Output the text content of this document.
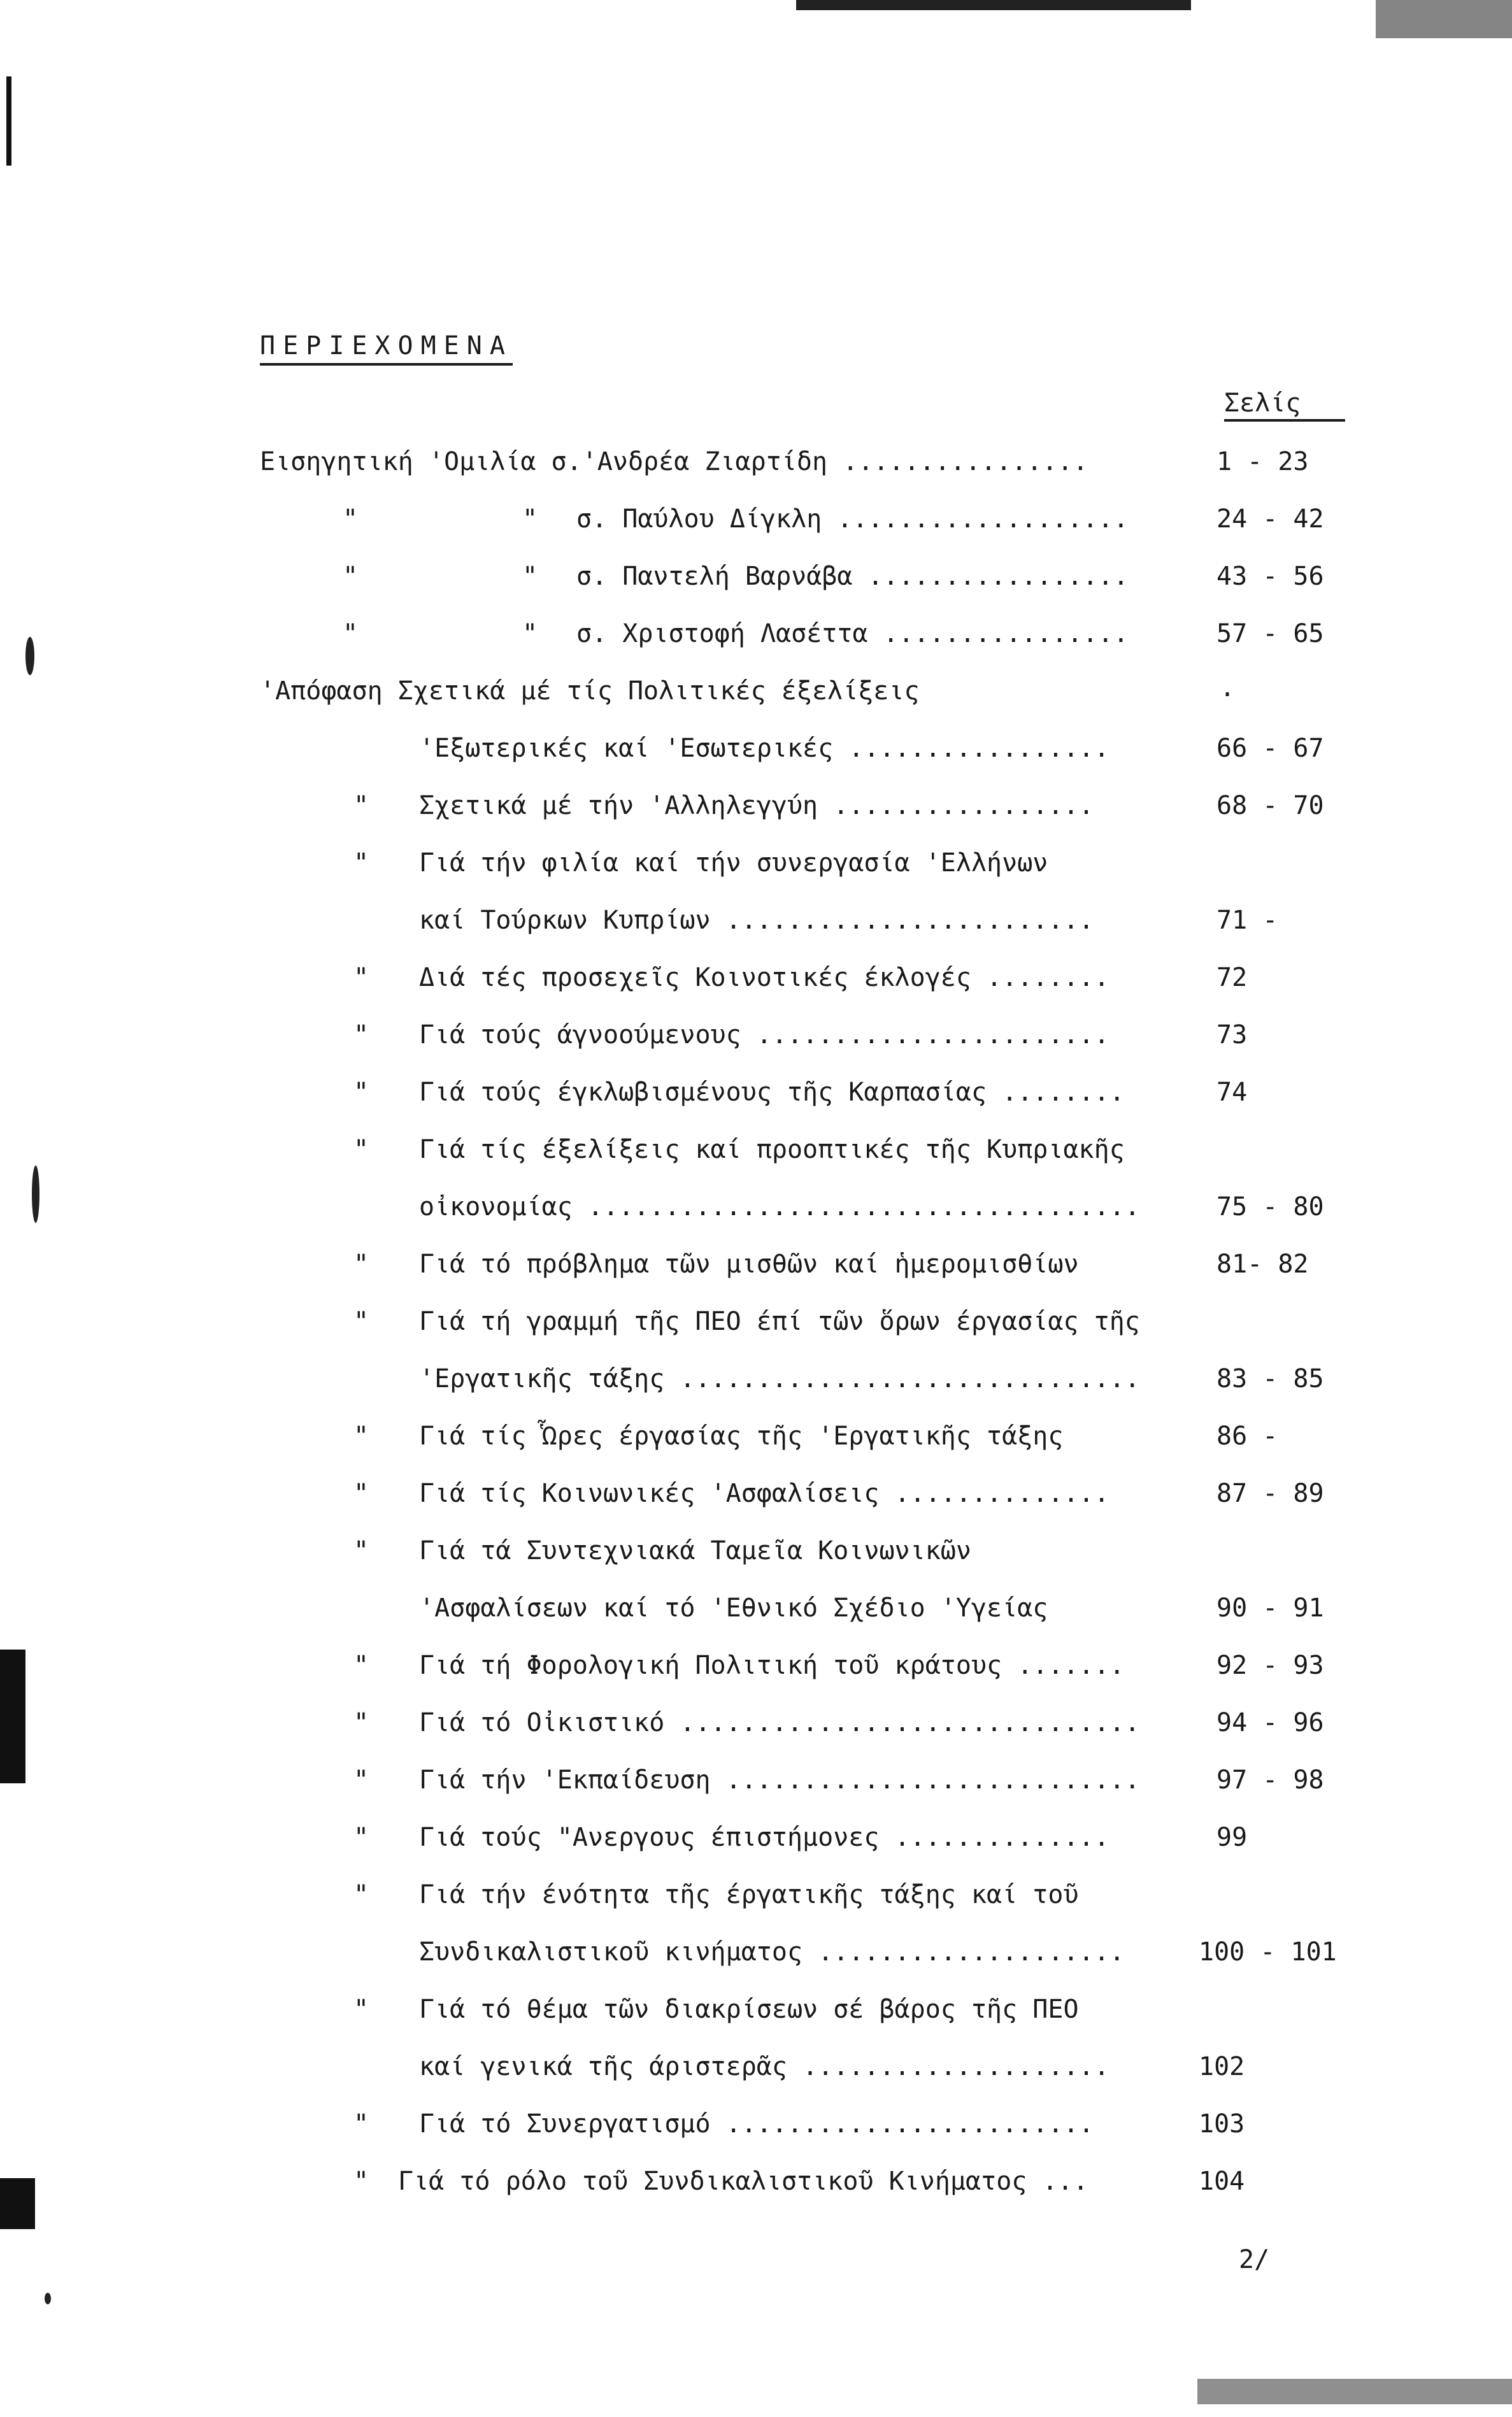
ΠΕΡΙΕΧΟΜΕΝΑ
Σελίς
Εισηγητική 'Ομιλία σ.'Ανδρέα Ζιαρτίδη ................	1 - 23
"	" σ. Παύλου Δίγκλη ...................	24 - 42
"	" σ. Παντελή Βαρνάβα .................	43 - 56
"	" σ. Χριστοφή Λασέττα ................	57 - 65
'Απόφαση Σχετικά μέ τίς Πολιτικές έξελίξεις	.
'Εξωτερικές καί 'Εσωτερικές .................	66 - 67
" Σχετικά μέ τήν 'Αλληλεγγύη .................	68 - 70
" Γιά τήν φιλία καί τήν συνεργασία 'Ελλήνων
καί Τούρκων Κυπρίων ........................	71 -
" Διά τές προσεχεῖς Κοινοτικές έκλογές ........	72
" Γιά τούς άγνοούμενους .......................	73
" Γιά τούς έγκλωβισμένους τῆς Καρπασίας ........	74
" Γιά τίς έξελίξεις καί προοπτικές τῆς Κυπριακῆς
οἰκονομίας ....................................	75 - 80
" Γιά τό πρόβλημα τῶν μισθῶν καί ἡμερομισθίων	81- 82
" Γιά τή γραμμή τῆς ΠΕΟ έπί τῶν ὅρων έργασίας τῆς
'Εργατικῆς τάξης ..............................	83 - 85
" Γιά τίς Ὧρες έργασίας τῆς 'Εργατικῆς τάξης	86 -
" Γιά τίς Κοινωνικές 'Ασφαλίσεις ..............	87 - 89
" Γιά τά Συντεχνιακά Ταμεῖα Κοινωνικῶν
'Ασφαλίσεων καί τό 'Εθνικό Σχέδιο 'Υγείας	90 - 91
" Γιά τή Φορολογική Πολιτική τοῦ κράτους .......	92 - 93
" Γιά τό Οἰκιστικό ..............................	94 - 96
" Γιά τήν 'Εκπαίδευση ...........................	97 - 98
" Γιά τούς "Ανεργους έπιστήμονες ..............	99
" Γιά τήν ένότητα τῆς έργατικῆς τάξης καί τοῦ
Συνδικαλιστικοῦ κινήματος ....................	100 - 101
" Γιά τό θέμα τῶν διακρίσεων σέ βάρος τῆς ΠΕΟ
καί γενικά τῆς άριστερᾶς ....................	102
" Γιά τό Συνεργατισμό ........................	103
" Γιά τό ρόλο τοῦ Συνδικαλιστικοῦ Κινήματος ...	104
2/
